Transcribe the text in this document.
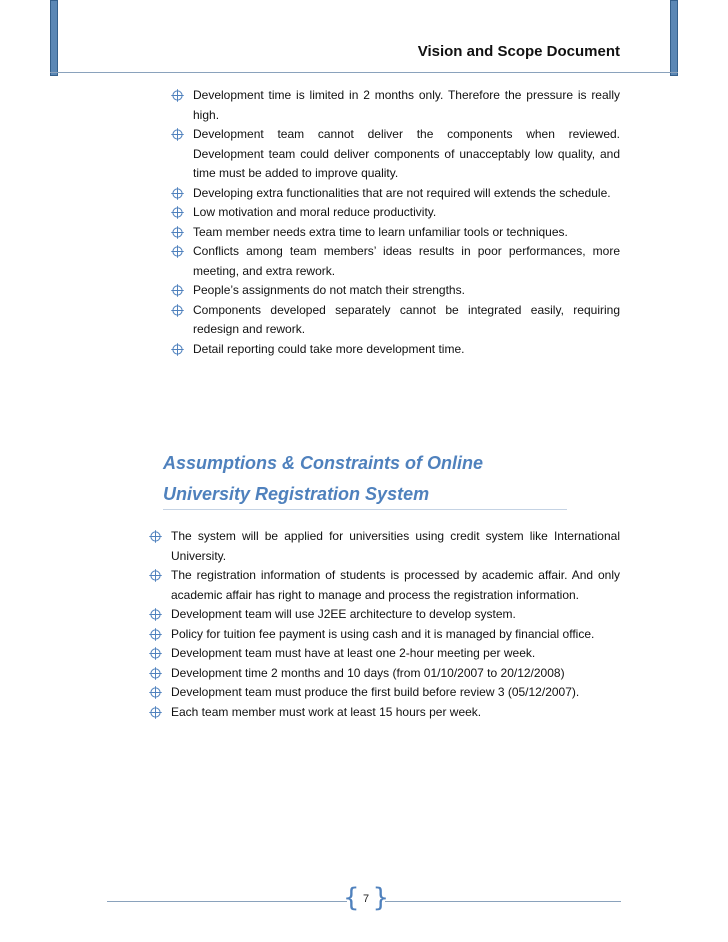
Vision and Scope Document
Development time is limited in 2 months only. Therefore the pressure is really high.
Development team cannot deliver the components when reviewed. Development team could deliver components of unacceptably low quality, and time must be added to improve quality.
Developing extra functionalities that are not required will extends the schedule.
Low motivation and moral reduce productivity.
Team member needs extra time to learn unfamiliar tools or techniques.
Conflicts among team members’ ideas results in poor performances, more meeting, and extra rework.
People’s assignments do not match their strengths.
Components developed separately cannot be integrated easily, requiring redesign and rework.
Detail reporting could take more development time.
Assumptions & Constraints of Online
University Registration System
The system will be applied for universities using credit system like International University.
The registration information of students is processed by academic affair. And only academic affair has right to manage and process the registration information.
Development team will use J2EE architecture to develop system.
Policy for tuition fee payment is using cash and it is managed by financial office.
Development team must have at least one 2-hour meeting per week.
Development time 2 months and 10 days (from 01/10/2007 to 20/12/2008)
Development team must produce the first build before review 3 (05/12/2007).
Each team member must work at least 15 hours per week.
{ 7 }
